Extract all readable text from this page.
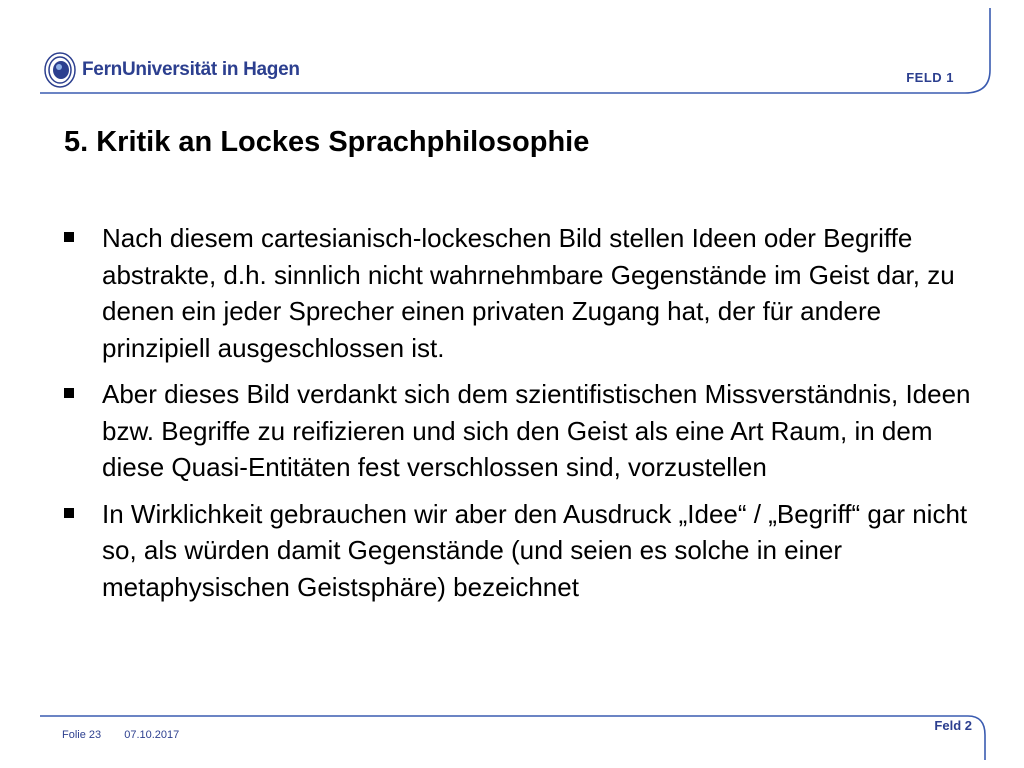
FernUniversität in Hagen	FELD 1
5. Kritik an Lockes Sprachphilosophie
Nach diesem cartesianisch-lockeschen Bild stellen Ideen oder Begriffe abstrakte, d.h. sinnlich nicht wahrnehmbare Gegenstände im Geist dar, zu denen ein jeder Sprecher einen privaten Zugang hat, der für andere prinzipiell ausgeschlossen ist.
Aber dieses Bild verdankt sich dem szientifistischen Missverständnis, Ideen bzw. Begriffe zu reifizieren und sich den Geist als eine Art Raum, in dem diese Quasi-Entitäten fest verschlossen sind, vorzustellen
In Wirklichkeit gebrauchen wir aber den Ausdruck „Idee“ / „Begriff“ gar nicht so, als würden damit Gegenstände (und seien es solche in einer metaphysischen Geistsphäre) bezeichnet
Folie 23 07.10.2017
Feld 2
